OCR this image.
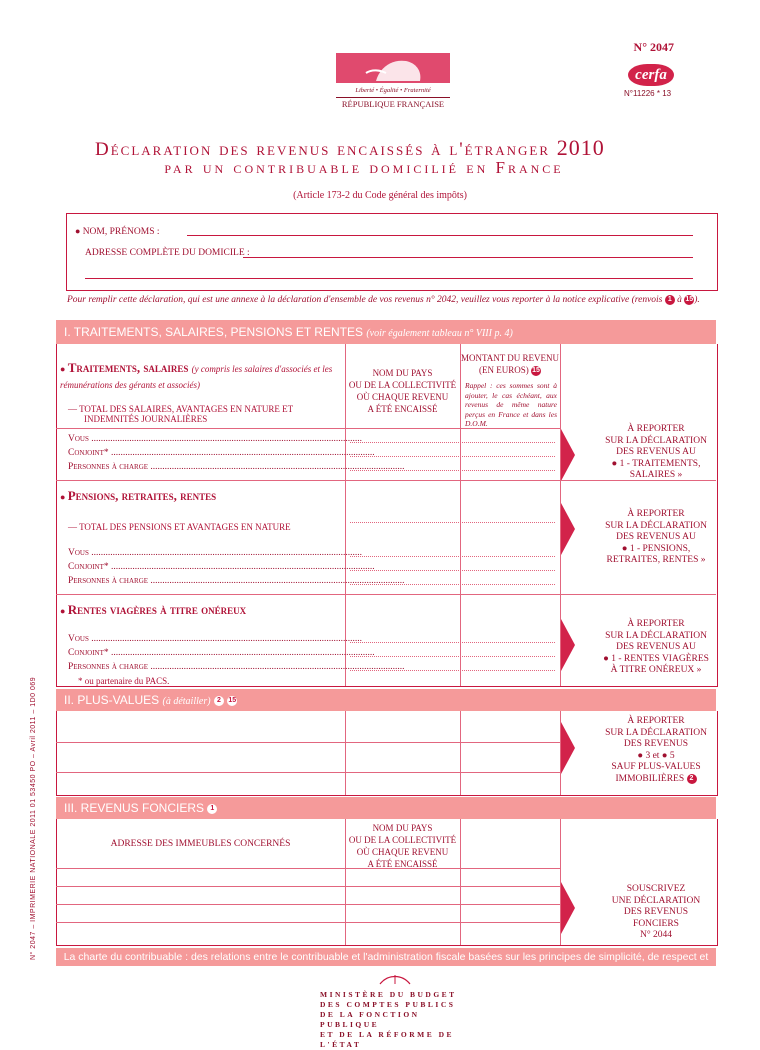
N° 2047
cerfa
N°11226 * 13
Liberté • Égalité • Fraternité
RÉPUBLIQUE FRANÇAISE
Déclaration des revenus encaissés à l'étranger 2010
par un contribuable domicilié en France
(Article 173-2 du Code général des impôts)
● NOM, PRÉNOMS :
ADRESSE COMPLÈTE DU DOMICILE :
Pour remplir cette déclaration, qui est une annexe à la déclaration d'ensemble de vos revenus n° 2042, veuillez vous reporter à la notice explicative (renvois 1 à 15).
I. TRAITEMENTS, SALAIRES, PENSIONS ET RENTES (voir également tableau n° VIII p. 4)
NOM DU PAYS
OU DE LA COLLECTIVITÉ
OÙ CHAQUE REVENU
A ÉTÉ ENCAISSÉ
MONTANT DU REVENU
(EN EUROS) 15
Rappel : ces sommes sont à ajouter, le cas échéant, aux revenus de même nature perçus en France et dans les D.O.M.
● Traitements, salaires (y compris les salaires d'associés et les rémunérations des gérants et associés)
— TOTAL DES SALAIRES, AVANTAGES EN NATURE ET
INDEMNITÉS JOURNALIÈRES
Vous ..................................................................................................................
Conjoint* ...............................................................................................................
Personnes à charge ...........................................................................................................
À REPORTER
SUR LA DÉCLARATION
DES REVENUS AU
● 1 - TRAITEMENTS,
SALAIRES »
● Pensions, retraites, rentes
— TOTAL DES PENSIONS ET AVANTAGES EN NATURE
Vous ..................................................................................................................
Conjoint* ...............................................................................................................
Personnes à charge ...........................................................................................................
À REPORTER
SUR LA DÉCLARATION
DES REVENUS AU
● 1 - PENSIONS,
RETRAITES, RENTES »
● Rentes viagères à titre onéreux
Vous ..................................................................................................................
Conjoint* ...............................................................................................................
Personnes à charge ...........................................................................................................
* ou partenaire du PACS.
À REPORTER
SUR LA DÉCLARATION
DES REVENUS AU
● 1 - RENTES VIAGÈRES
À TITRE ONÉREUX »
II. PLUS-VALUES (à détailler) 2 15
À REPORTER
SUR LA DÉCLARATION
DES REVENUS
● 3 et ● 5
SAUF PLUS-VALUES
IMMOBILIÈRES 2
III. REVENUS FONCIERS 1
ADRESSE DES IMMEUBLES CONCERNÉS
NOM DU PAYS
OU DE LA COLLECTIVITÉ
OÙ CHAQUE REVENU
A ÉTÉ ENCAISSÉ
SOUSCRIVEZ
UNE DÉCLARATION
DES REVENUS FONCIERS
N° 2044
N° 2047 – IMPRIMERIE NATIONALE 2011 01 53450 PO – Avril 2011 – 1D0 069	La charte du contribuable : des relations entre le contribuable et l'administration fiscale basées sur les principes de simplicité, de respect et d'équité.
MINISTÈRE DU BUDGET
DES COMPTES PUBLICS
DE LA FONCTION PUBLIQUE
ET DE LA RÉFORME DE L'ÉTAT
